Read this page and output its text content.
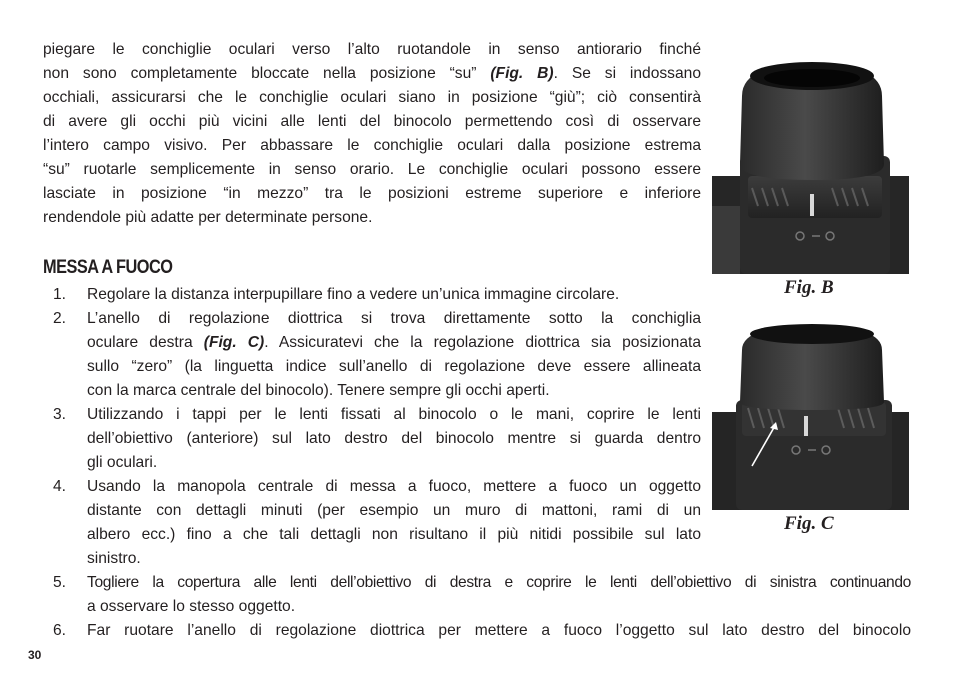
piegare le conchiglie oculari verso l’alto ruotandole in senso antiorario finché
non sono completamente bloccate nella posizione “su” (Fig. B). Se si indossano
occhiali, assicurarsi che le conchiglie oculari siano in posizione “giù”; ciò consentirà
di avere gli occhi più vicini alle lenti del binocolo permettendo così di osservare
l’intero campo visivo. Per abbassare le conchiglie oculari dalla posizione estrema
“su” ruotarle semplicemente in senso orario. Le conchiglie oculari possono essere
lasciate in posizione “in mezzo” tra le posizioni estreme superiore e inferiore
rendendole più adatte per determinate persone.
MESSA A FUOCO
1. Regolare la distanza interpupillare fino a vedere un’unica immagine circolare.
2. L’anello di regolazione diottrica si trova direttamente sotto la conchiglia
oculare destra (Fig. C). Assicuratevi che la regolazione diottrica sia posizionata
sullo “zero” (la linguetta indice sull’anello di regolazione deve essere allineata
con la marca centrale del binocolo). Tenere sempre gli occhi aperti.
3. Utilizzando i tappi per le lenti fissati al binocolo o le mani, coprire le lenti
dell’obiettivo (anteriore) sul lato destro del binocolo mentre si guarda dentro
gli oculari.
4. Usando la manopola centrale di messa a fuoco, mettere a fuoco un oggetto
distante con dettagli minuti (per esempio un muro di mattoni, rami di un
albero ecc.) fino a che tali dettagli non risultano il più nitidi possibile sul lato
sinistro.
5. Togliere la copertura alle lenti dell’obiettivo di destra e coprire le lenti dell’obiettivo di sinistra continuando
a osservare lo stesso oggetto.
6. Far ruotare l’anello di regolazione diottrica per mettere a fuoco l’oggetto sul lato destro del binocolo
Fig. B
Fig. C
30
